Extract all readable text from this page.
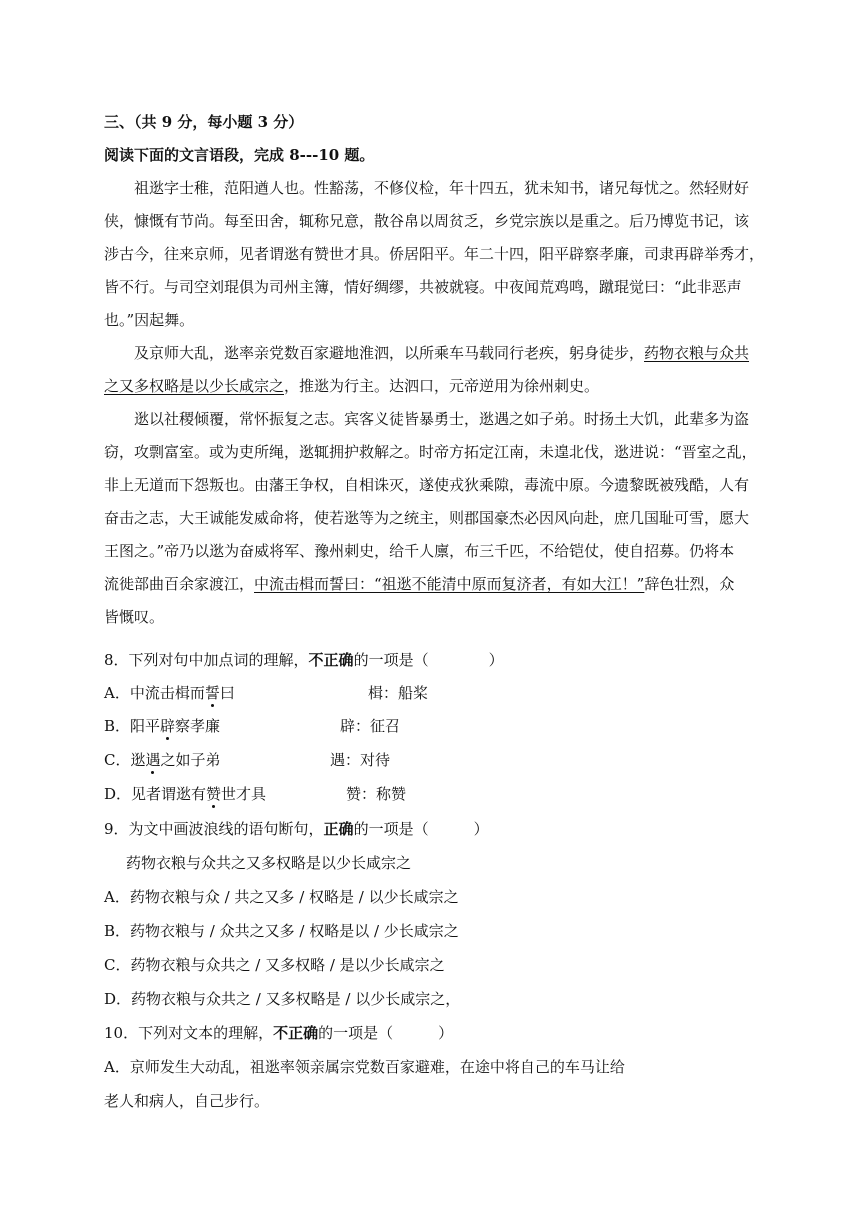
三、（共 9 分，每小题 3 分）
阅读下面的文言语段，完成 8---10 题。
祖逖字士稚，范阳遒人也。性豁荡，不修仪检，年十四五，犹未知书，诸兄每忧之。然轻财好
侠，慷慨有节尚。每至田舍，辄称兄意，散谷帛以周贫乏，乡党宗族以是重之。后乃博览书记，该
涉古今，往来京师，见者谓逖有赞世才具。侨居阳平。年二十四，阳平辟察孝廉，司隶再辟举秀才，
皆不行。与司空刘琨俱为司州主簿，情好绸缪，共被就寝。中夜闻荒鸡鸣，蹴琨觉曰：“此非恶声
也。”因起舞。
及京师大乱，逖率亲党数百家避地淮泗，以所乘车马载同行老疾，躬身徒步，药物衣粮与众共
之又多权略是以少长咸宗之，推逖为行主。达泗口，元帝逆用为徐州刺史。
逖以社稷倾覆，常怀振复之志。宾客义徒皆暴勇士，逖遇之如子弟。时扬土大饥，此辈多为盗
窃，攻剽富室。或为吏所绳，逖辄拥护救解之。时帝方拓定江南，未遑北伐，逖进说：“晋室之乱，
非上无道而下怨叛也。由藩王争权，自相诛灭，遂使戎狄乘隙，毒流中原。今遗黎既被残酷，人有
奋击之志，大王诚能发威命将，使若逖等为之统主，则郡国豪杰必因风向赴，庶几国耻可雪，愿大
王图之。”帝乃以逖为奋威将军、豫州刺史，给千人廪，布三千匹，不给铠仗，使自招募。仍将本
流徙部曲百余家渡江，中流击楫而誓曰：“祖逖不能清中原而复济者，有如大江！”辞色壮烈，众
皆慨叹。
8．下列对句中加点词的理解，不正确的一项是（　　　　）
A．中流击楫而誓曰	楫：船桨
B．阳平辟察孝廉	辟：征召
C．逖遇之如子弟	遇：对待
D．见者谓逖有赞世才具	赞：称赞
9．为文中画波浪线的语句断句，正确的一项是（　　　）
药物衣粮与众共之又多权略是以少长咸宗之
A．药物衣粮与众 / 共之又多 / 权略是 / 以少长咸宗之
B．药物衣粮与 / 众共之又多 / 权略是以 / 少长咸宗之
C．药物衣粮与众共之 / 又多权略 / 是以少长咸宗之
D．药物衣粮与众共之 / 又多权略是 / 以少长咸宗之，
10．下列对文本的理解，不正确的一项是（　　　）
A．京师发生大动乱，祖逖率领亲属宗党数百家避难，在途中将自己的车马让给
老人和病人，自己步行。
